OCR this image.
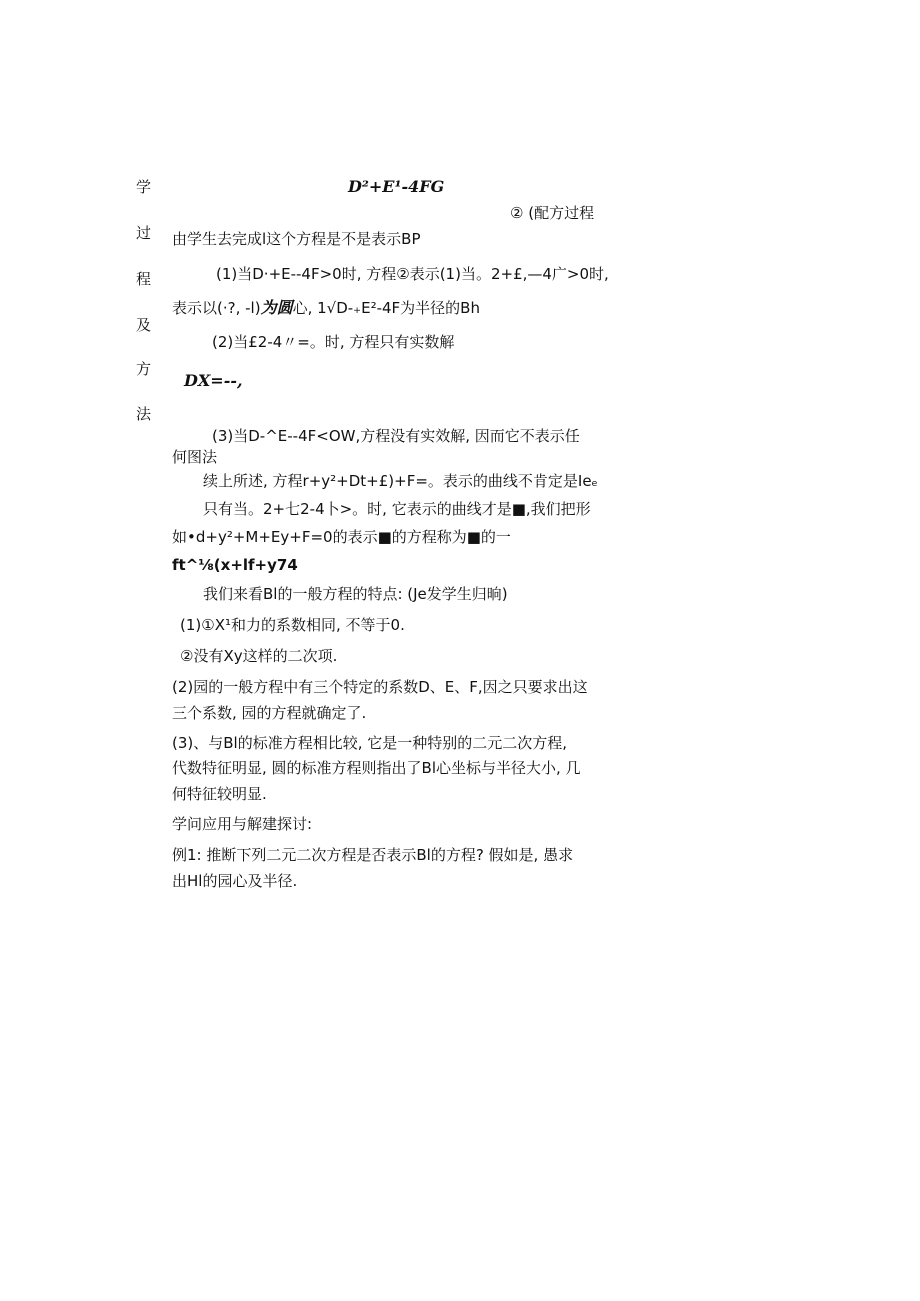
学
过
程
及
方
法
D²+E¹-4FG
② (配方过程
由学生去完成l这个方程是不是表示BP
(1)当D·+E--4F>0时, 方程②表示(1)当。2+£,—4广>0时,
表示以(·?, -l)为圆心, 1√D-₊E²-4F为半径的Bh
(2)当£2-4〃=。时, 方程只有实数解
DX=--,
(3)当D-^E--4F<OW,方程没有实效解, 因而它不表示任
何图法
续上所述, 方程r+y²+Dt+£)+F=。表示的曲线不肯定是Ieₑ
只有当。2+七2-4卜>。时, 它表示的曲线才是■,我们把形
如•d+y²+M+Ey+F=0的表示■的方程称为■的一
ft^⅛(x+lf+y74
我们来看Bl的一般方程的特点: (Je发学生归晌)
(1)①X¹和力的系数相同, 不等于0.
②没有Xy这样的二次项.
(2)园的一般方程中有三个特定的系数D、E、F,因之只要求出这
三个系数, 园的方程就确定了.
(3)、与Bl的标准方程相比较, 它是一种特别的二元二次方程,
代数特征明显, 圆的标准方程则指出了Bl心坐标与半径大小, 几
何特征较明显.
学问应用与解建探讨:
例1: 推断下列二元二次方程是否表示Bl的方程? 假如是, 愚求
出Hl的园心及半径.
